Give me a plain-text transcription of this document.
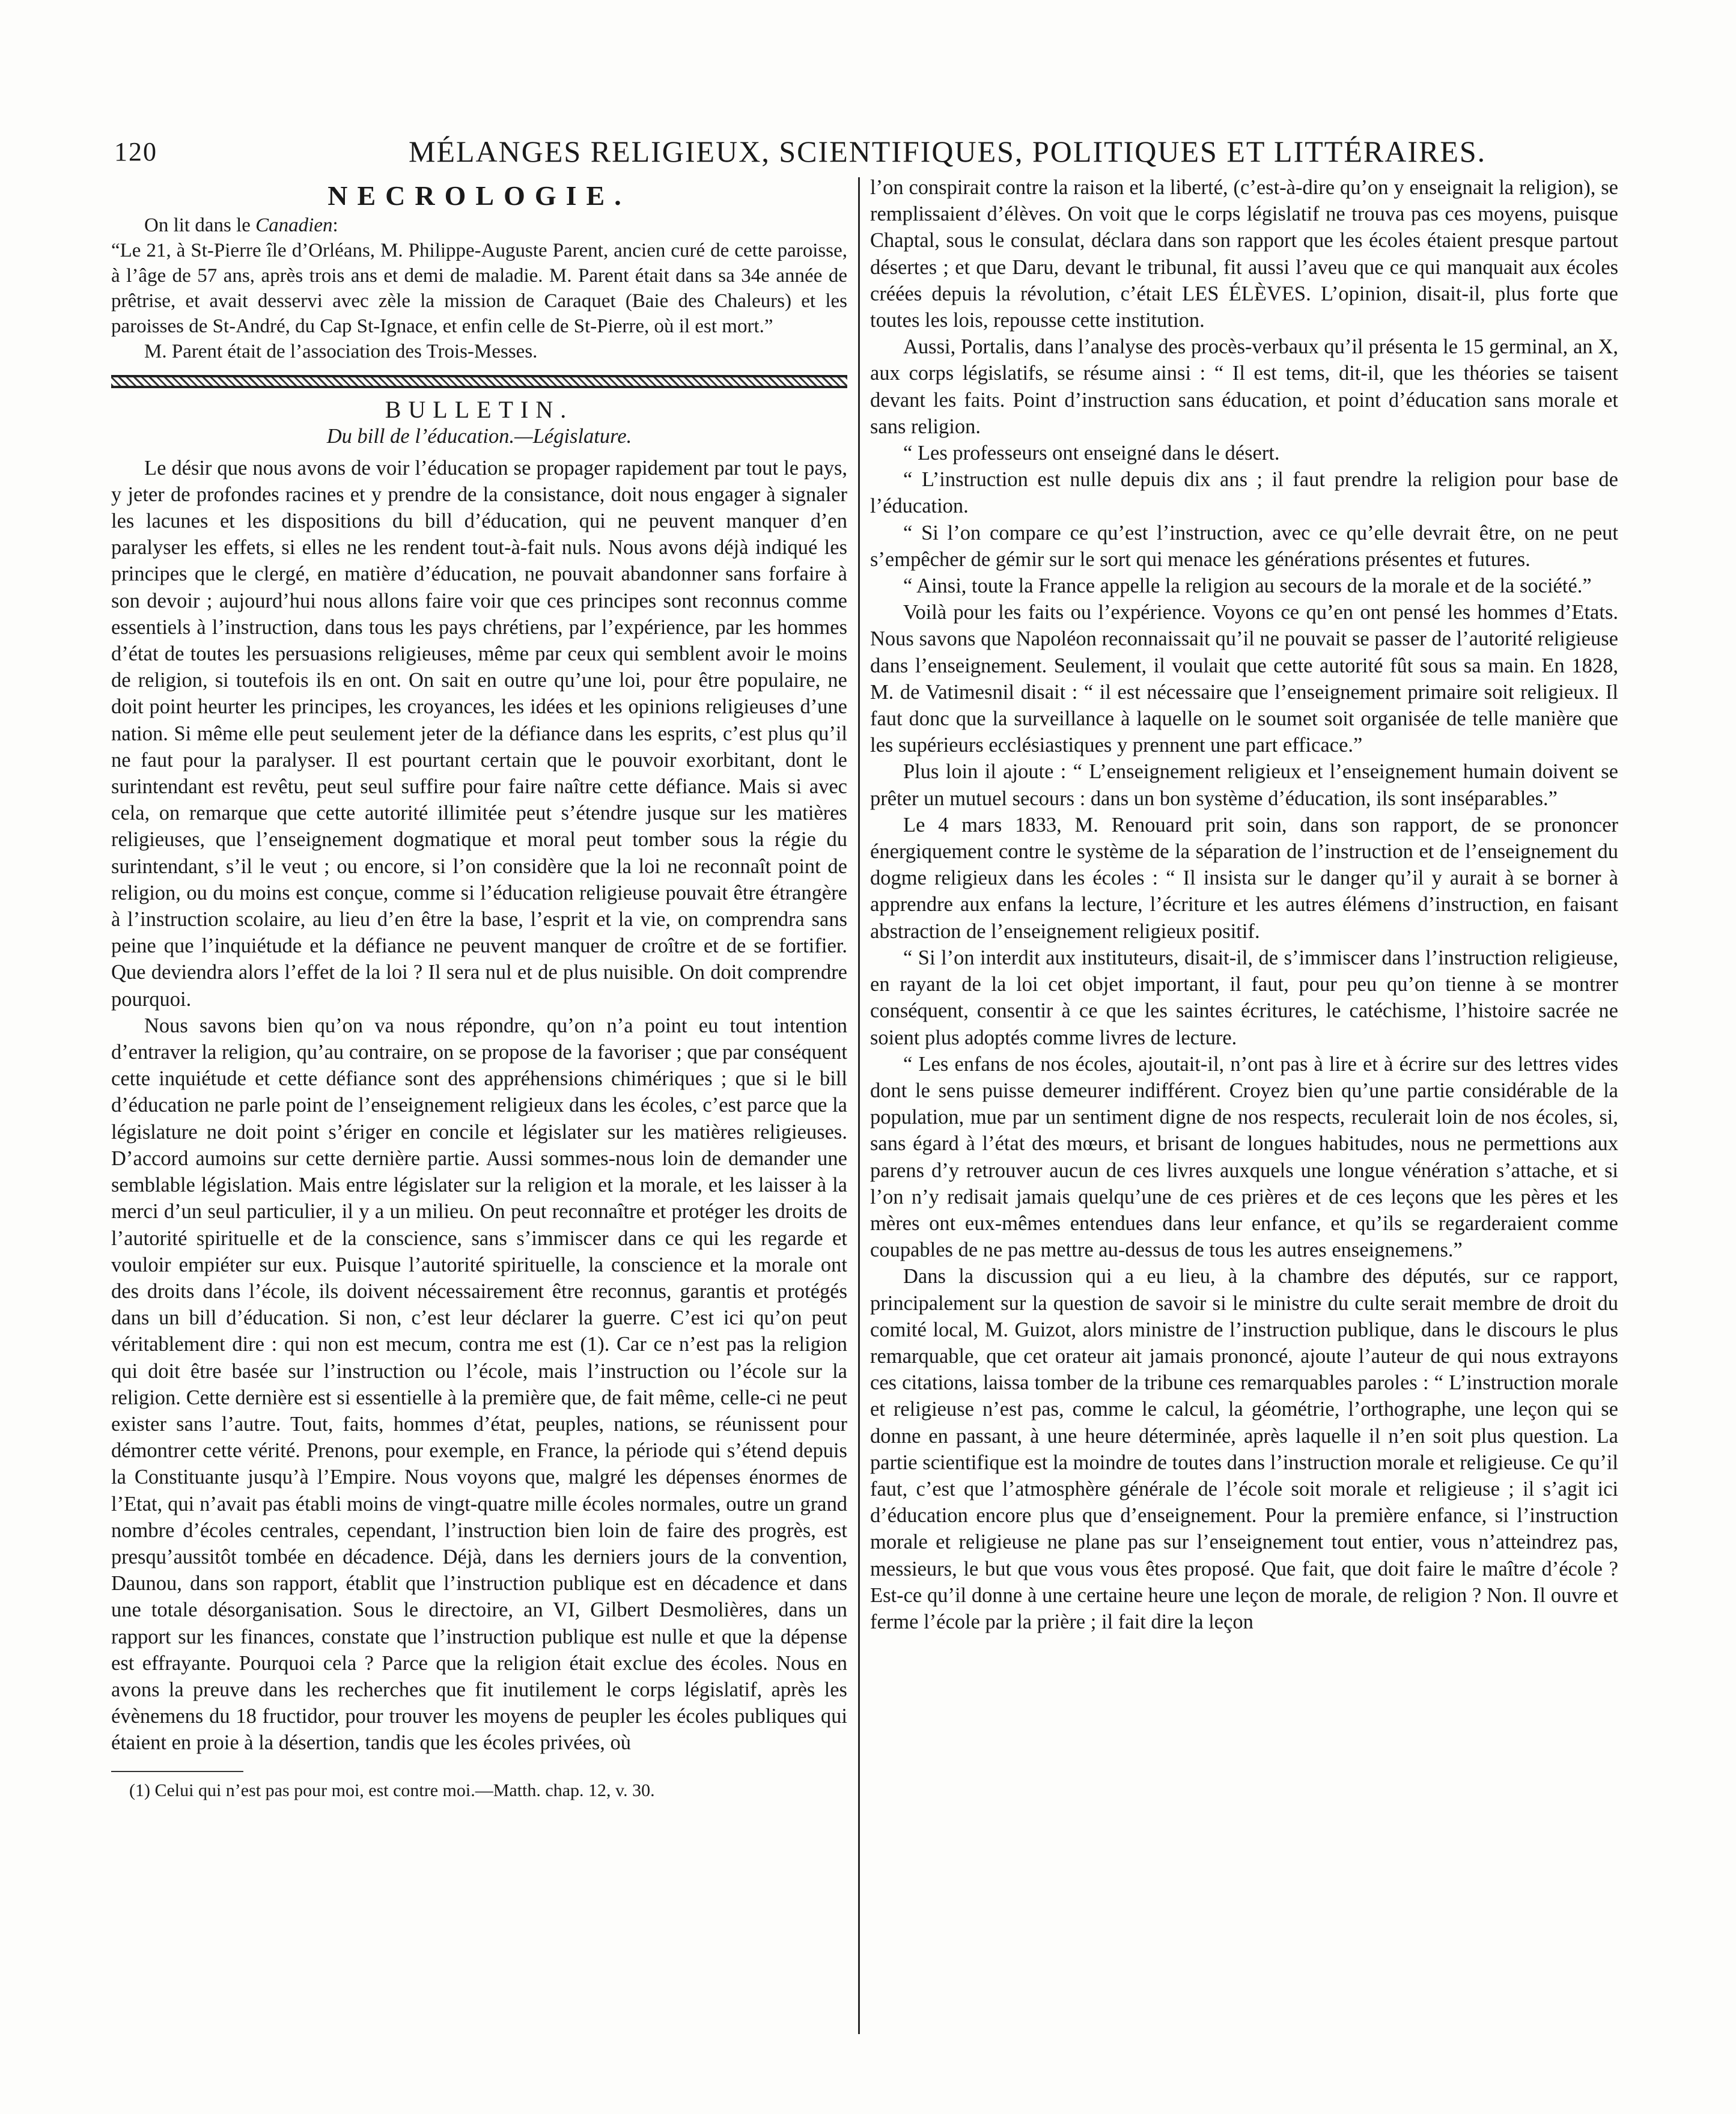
120	MÉLANGES RELIGIEUX, SCIENTIFIQUES, POLITIQUES ET LITTÉRAIRES.
NECROLOGIE.

On lit dans le Canadien:

“Le 21, à St-Pierre île d’Orléans, M. Philippe-Auguste Parent, ancien curé de cette paroisse, à l’âge de 57 ans, après trois ans et demi de maladie. M. Parent était dans sa 34e année de prêtrise, et avait desservi avec zèle la mission de Caraquet (Baie des Chaleurs) et les paroisses de St-André, du Cap St-Ignace, et enfin celle de St-Pierre, où il est mort.”

M. Parent était de l’association des Trois-Messes.

BULLETIN.
Du bill de l’éducation.—Législature.

Le désir que nous avons de voir l’éducation se propager rapidement par tout le pays, y jeter de profondes racines et y prendre de la consistance, doit nous engager à signaler les lacunes et les dispositions du bill d’éducation, qui ne peuvent manquer d’en paralyser les effets, si elles ne les rendent tout-à-fait nuls. Nous avons déjà indiqué les principes que le clergé, en matière d’éducation, ne pouvait abandonner sans forfaire à son devoir ; aujourd’hui nous allons faire voir que ces principes sont reconnus comme essentiels à l’instruction, dans tous les pays chrétiens, par l’expérience, par les hommes d’état de toutes les persuasions religieuses, même par ceux qui semblent avoir le moins de religion, si toutefois ils en ont. On sait en outre qu’une loi, pour être populaire, ne doit point heurter les principes, les croyances, les idées et les opinions religieuses d’une nation. Si même elle peut seulement jeter de la défiance dans les esprits, c’est plus qu’il ne faut pour la paralyser. Il est pourtant certain que le pouvoir exorbitant, dont le surintendant est revêtu, peut seul suffire pour faire naître cette défiance. Mais si avec cela, on remarque que cette autorité illimitée peut s’étendre jusque sur les matières religieuses, que l’enseignement dogmatique et moral peut tomber sous la régie du surintendant, s’il le veut ; ou encore, si l’on considère que la loi ne reconnaît point de religion, ou du moins est conçue, comme si l’éducation religieuse pouvait être étrangère à l’instruction scolaire, au lieu d’en être la base, l’esprit et la vie, on comprendra sans peine que l’inquiétude et la défiance ne peuvent manquer de croître et de se fortifier. Que deviendra alors l’effet de la loi ? Il sera nul et de plus nuisible. On doit comprendre pourquoi.

Nous savons bien qu’on va nous répondre, qu’on n’a point eu tout intention d’entraver la religion, qu’au contraire, on se propose de la favoriser ; que par conséquent cette inquiétude et cette défiance sont des appréhensions chimériques ; que si le bill d’éducation ne parle point de l’enseignement religieux dans les écoles, c’est parce que la législature ne doit point s’ériger en concile et législater sur les matières religieuses. D’accord aumoins sur cette dernière partie. Aussi sommes-nous loin de demander une semblable législation. Mais entre législater sur la religion et la morale, et les laisser à la merci d’un seul particulier, il y a un milieu. On peut reconnaître et protéger les droits de l’autorité spirituelle et de la conscience, sans s’immiscer dans ce qui les regarde et vouloir empiéter sur eux. Puisque l’autorité spirituelle, la conscience et la morale ont des droits dans l’école, ils doivent nécessairement être reconnus, garantis et protégés dans un bill d’éducation. Si non, c’est leur déclarer la guerre. C’est ici qu’on peut véritablement dire : qui non est mecum, contra me est (1). Car ce n’est pas la religion qui doit être basée sur l’instruction ou l’école, mais l’instruction ou l’école sur la religion. Cette dernière est si essentielle à la première que, de fait même, celle-ci ne peut exister sans l’autre. Tout, faits, hommes d’état, peuples, nations, se réunissent pour démontrer cette vérité. Prenons, pour exemple, en France, la période qui s’étend depuis la Constituante jusqu’à l’Empire. Nous voyons que, malgré les dépenses énormes de l’Etat, qui n’avait pas établi moins de vingt-quatre mille écoles normales, outre un grand nombre d’écoles centrales, cependant, l’instruction bien loin de faire des progrès, est presqu’aussitôt tombée en décadence. Déjà, dans les derniers jours de la convention, Daunou, dans son rapport, établit que l’instruction publique est en décadence et dans une totale désorganisation. Sous le directoire, an VI, Gilbert Desmolières, dans un rapport sur les finances, constate que l’instruction publique est nulle et que la dépense est effrayante. Pourquoi cela ? Parce que la religion était exclue des écoles. Nous en avons la preuve dans les recherches que fit inutilement le corps législatif, après les évènemens du 18 fructidor, pour trouver les moyens de peupler les écoles publiques qui étaient en proie à la désertion, tandis que les écoles privées, où

(1) Celui qui n’est pas pour moi, est contre moi.—Matth. chap. 12, v. 30.

l’on conspirait contre la raison et la liberté, (c’est-à-dire qu’on y enseignait la religion), se remplissaient d’élèves. On voit que le corps législatif ne trouva pas ces moyens, puisque Chaptal, sous le consulat, déclara dans son rapport que les écoles étaient presque partout désertes ; et que Daru, devant le tribunal, fit aussi l’aveu que ce qui manquait aux écoles créées depuis la révolution, c’était LES ÉLÈVES. L’opinion, disait-il, plus forte que toutes les lois, repousse cette institution.

Aussi, Portalis, dans l’analyse des procès-verbaux qu’il présenta le 15 germinal, an X, aux corps législatifs, se résume ainsi : “ Il est tems, dit-il, que les théories se taisent devant les faits. Point d’instruction sans éducation, et point d’éducation sans morale et sans religion.

“ Les professeurs ont enseigné dans le désert.

“ L’instruction est nulle depuis dix ans ; il faut prendre la religion pour base de l’éducation.

“ Si l’on compare ce qu’est l’instruction, avec ce qu’elle devrait être, on ne peut s’empêcher de gémir sur le sort qui menace les générations présentes et futures.

“ Ainsi, toute la France appelle la religion au secours de la morale et de la société.”

Voilà pour les faits ou l’expérience. Voyons ce qu’en ont pensé les hommes d’Etats. Nous savons que Napoléon reconnaissait qu’il ne pouvait se passer de l’autorité religieuse dans l’enseignement. Seulement, il voulait que cette autorité fût sous sa main. En 1828, M. de Vatimesnil disait : “ il est nécessaire que l’enseignement primaire soit religieux. Il faut donc que la surveillance à laquelle on le soumet soit organisée de telle manière que les supérieurs ecclésiastiques y prennent une part efficace.”

Plus loin il ajoute : “ L’enseignement religieux et l’enseignement humain doivent se prêter un mutuel secours : dans un bon système d’éducation, ils sont inséparables.”

Le 4 mars 1833, M. Renouard prit soin, dans son rapport, de se prononcer énergiquement contre le système de la séparation de l’instruction et de l’enseignement du dogme religieux dans les écoles : “ Il insista sur le danger qu’il y aurait à se borner à apprendre aux enfans la lecture, l’écriture et les autres élémens d’instruction, en faisant abstraction de l’enseignement religieux positif.

“ Si l’on interdit aux instituteurs, disait-il, de s’immiscer dans l’instruction religieuse, en rayant de la loi cet objet important, il faut, pour peu qu’on tienne à se montrer conséquent, consentir à ce que les saintes écritures, le catéchisme, l’histoire sacrée ne soient plus adoptés comme livres de lecture.

“ Les enfans de nos écoles, ajoutait-il, n’ont pas à lire et à écrire sur des lettres vides dont le sens puisse demeurer indifférent. Croyez bien qu’une partie considérable de la population, mue par un sentiment digne de nos respects, reculerait loin de nos écoles, si, sans égard à l’état des mœurs, et brisant de longues habitudes, nous ne permettions aux parens d’y retrouver aucun de ces livres auxquels une longue vénération s’attache, et si l’on n’y redisait jamais quelqu’une de ces prières et de ces leçons que les pères et les mères ont eux-mêmes entendues dans leur enfance, et qu’ils se regarderaient comme coupables de ne pas mettre au-dessus de tous les autres enseignemens.”

Dans la discussion qui a eu lieu, à la chambre des députés, sur ce rapport, principalement sur la question de savoir si le ministre du culte serait membre de droit du comité local, M. Guizot, alors ministre de l’instruction publique, dans le discours le plus remarquable, que cet orateur ait jamais prononcé, ajoute l’auteur de qui nous extrayons ces citations, laissa tomber de la tribune ces remarquables paroles : “ L’instruction morale et religieuse n’est pas, comme le calcul, la géométrie, l’orthographe, une leçon qui se donne en passant, à une heure déterminée, après laquelle il n’en soit plus question. La partie scientifique est la moindre de toutes dans l’instruction morale et religieuse. Ce qu’il faut, c’est que l’atmosphère générale de l’école soit morale et religieuse ; il s’agit ici d’éducation encore plus que d’enseignement. Pour la première enfance, si l’instruction morale et religieuse ne plane pas sur l’enseignement tout entier, vous n’atteindrez pas, messieurs, le but que vous vous êtes proposé. Que fait, que doit faire le maître d’école ? Est-ce qu’il donne à une certaine heure une leçon de morale, de religion ? Non. Il ouvre et ferme l’école par la prière ; il fait dire la leçon
